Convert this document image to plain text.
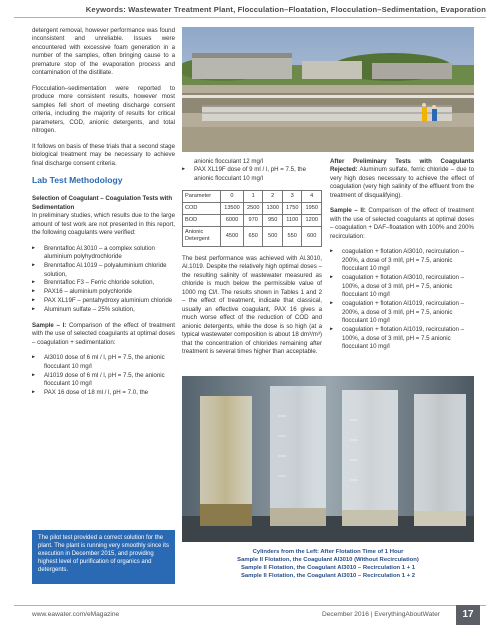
Keywords: Wastewater Treatment Plant, Flocculation–Floatation, Flocculation–Sedimentation, Evaporation

detergent removal, however performance was found inconsistent and unreliable. Issues were encountered with excessive foam generation in a number of the samples, often bringing cause to a premature stop of the evaporation process and contamination of the distillate.

Flocculation–sedimentation were reported to produce more consistent results, however most samples fell short of meeting discharge consent criteria, including the majority of results for critical parameters, COD, anionic detergents, and total nitrogen.

It follows on basis of these trials that a second stage biological treatment may be necessary to achieve final discharge consent criteria.

Lab Test Methodology
Selection of Coagulant – Coagulation Tests with Sedimentation

In preliminary studies, which results due to the large amount of test work are not presented in this report, the following coagulants were verified:

▸▸ Brenntafloc Al.3010 – a complex solution aluminium polyhydrochloride
▸▸ Brenntafloc Al.1019 – polyaluminium chloride solution,
▸▸ Brenntafloc F3 – Ferric chloride solution,
▸▸ PAX16 – aluminium polychloride
▸▸ PAX XL19F – pentahydroxy aluminium chloride
▸▸ Aluminum sulfate – 25% solution,

Sample – I: Comparison of the effect of treatment with the use of selected coagulants at optimal doses – coagulation + sedimentation:

▸▸ Al3010 dose of 6 ml / l, pH = 7.5, the anionic flocculant 10 mg/l
▸▸ Al1019 dose of 6 ml / l, pH = 7.5, the anionic flocculant 10 mg/l
▸▸ PAX 16 dose of 18 ml / l, pH = 7.0, the
The pilot test provided a correct solution for the plant. The plant is running very smoothly since its execution in December 2015, and providing highest level of purification of organics and detergents.
anionic flocculant 12 mg/l
▸▸ PAX XL19F dose of 9 ml / l, pH = 7.5, the anionic flocculant 10 mg/l
Parameter	0	1	2	3	4
COD	13500	2500	1300	1750	1950
BOD	6000	970	950	1100	1200
Anionic Detergent	4500	650	500	550	600

The best performance was achieved with Al.3010, Al.1019. Despite the relatively high optimal doses – the resulting salinity of wastewater measured as chloride is much below the permissible value of 1000 mg Cl/l. The results shown in Tables 1 and 2 – the effect of treatment, indicate that classical, usually an effective coagulant, PAX 16 gives a much worse effect of the reduction of COD and anionic detergents, while the dose is so high (at a typical wastewater composition is about 18 dm³/m³) that the concentration of chlorides remaining after treatment is several times higher than acceptable.

After Preliminary Tests with Coagulants Rejected: Aluminum sulfate, ferric chloride – due to very high doses necessary to achieve the effect of coagulation (very high salinity of the effluent from the treatment of disqualifying).

Sample – II: Comparison of the effect of treatment with the use of selected coagulants at optimal doses – coagulation + DAF–floatation with 100% and 200% recirculation:

▸▸ coagulation + flotation Al3010, recirculation – 200%, a dose of 3 ml/l, pH = 7.5, anionic flocculant 10 mg/l
▸▸ coagulation + flotation Al3010, recirculation – 100%, a dose of 3 ml/l, pH = 7.5, anionic flocculant 10 mg/l
▸▸ coagulation + flotation Al1019, recirculation – 200%, a dose of 3 ml/l, pH = 7.5, anionic flocculant 10 mg/l
▸▸ coagulation + flotation Al1019, recirculation – 100%, a dose of 3 ml/l, pH = 7.5 anionic flocculant 10 mg/l
Cylinders from the Left: After Flotation Time of 1 Hour
Sample II Flotation, the Coagulant Al3010 (Without Recirculation)
Sample II Flotation, the Coagulant Al3010 – Recirculation 1 + 1
Sample II Flotation, the Coagulant Al3010 – Recirculation 1 + 2
www.eawater.com/eMagazine	December 2016 | EverythingAboutWater	17
